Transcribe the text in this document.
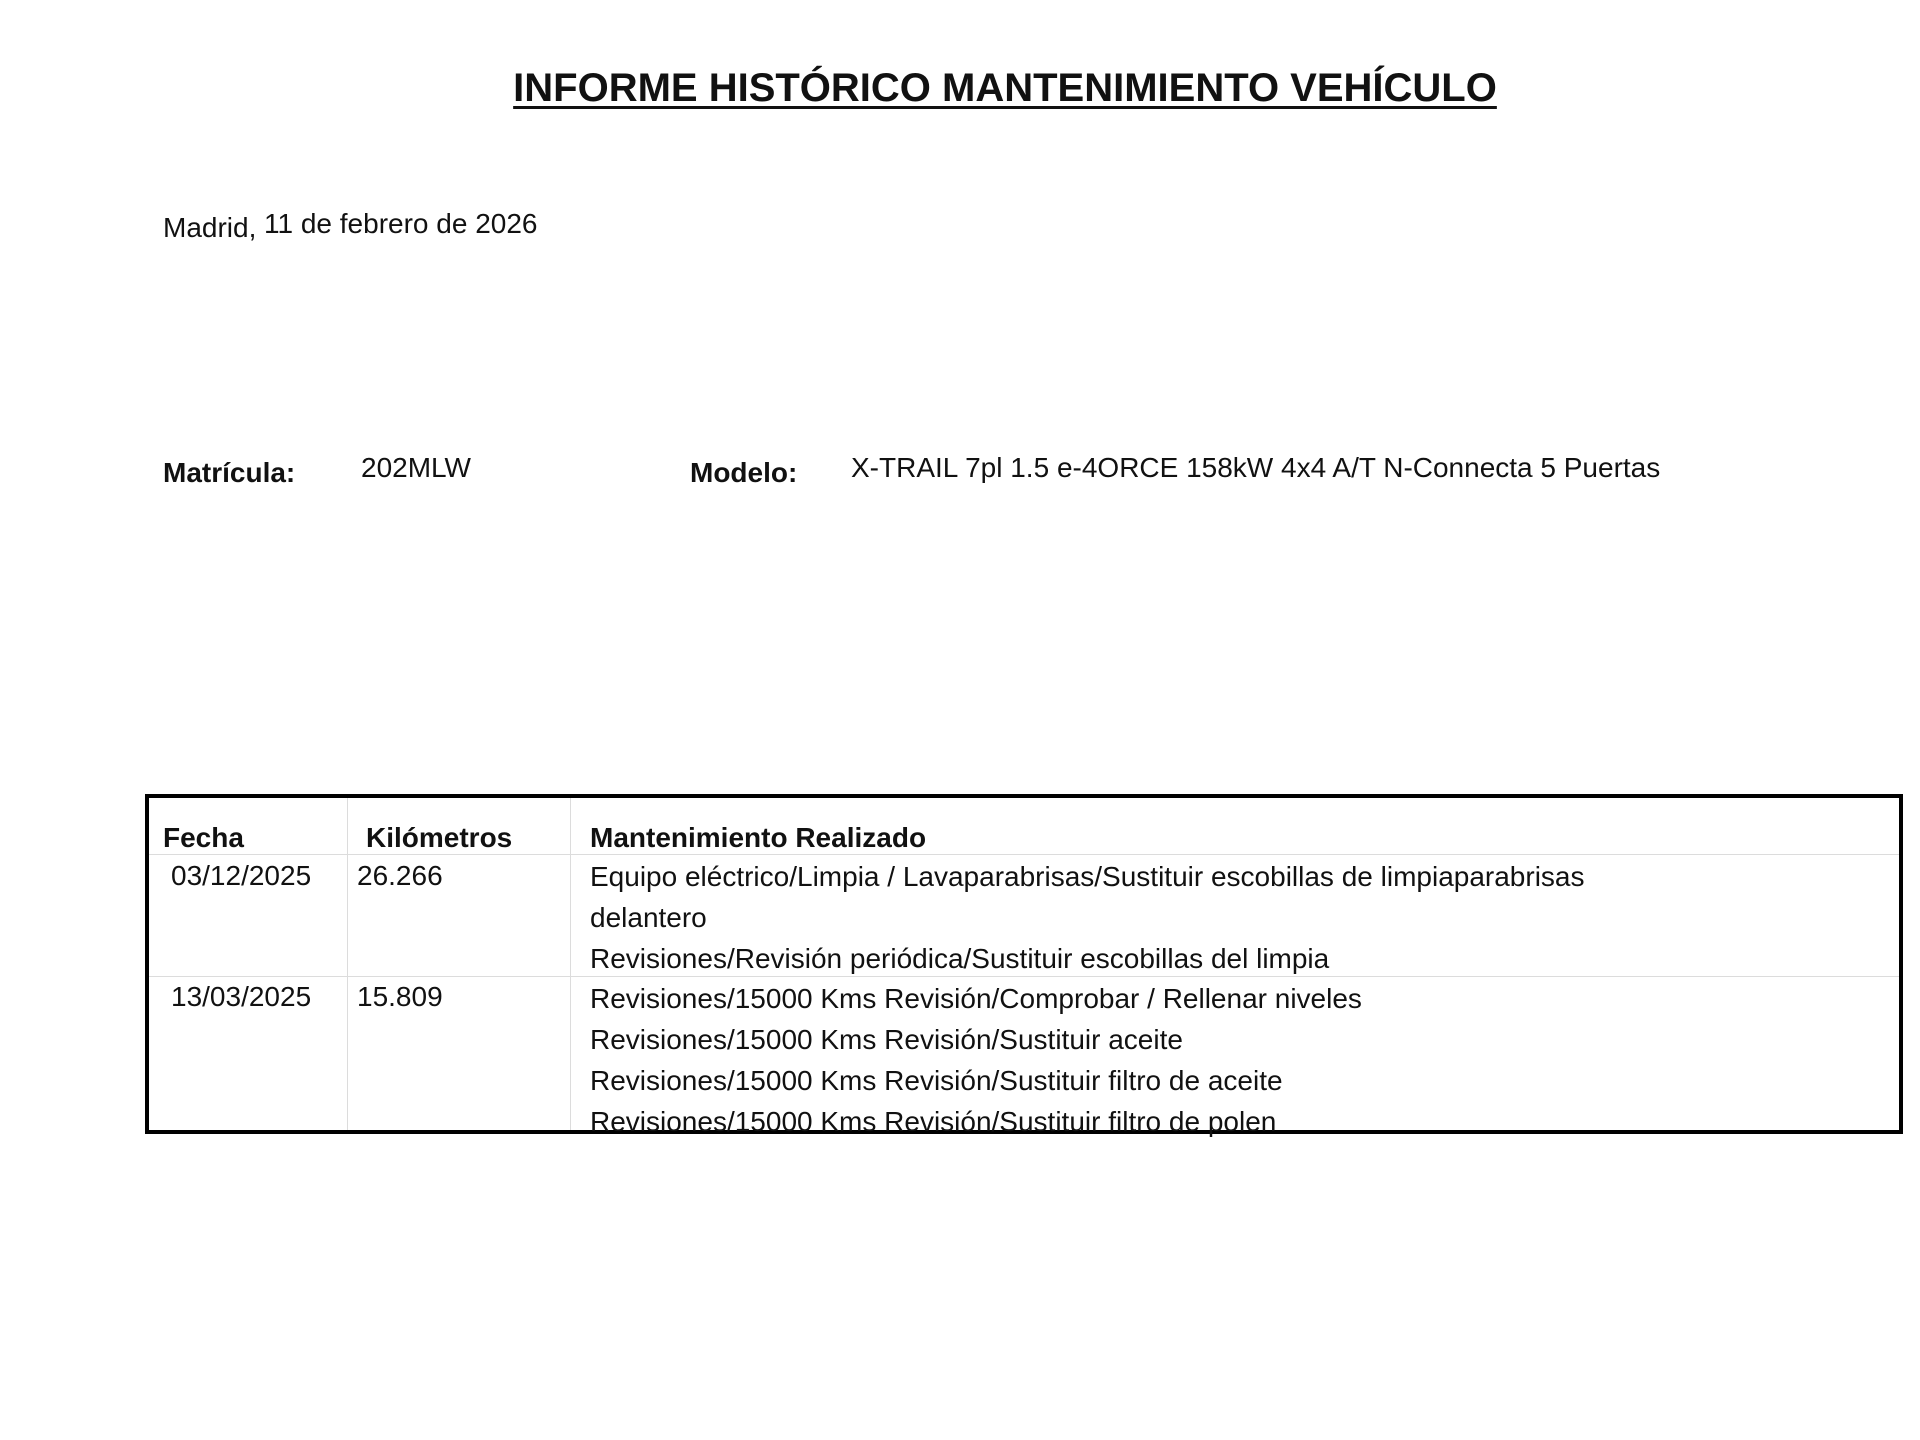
INFORME HISTÓRICO MANTENIMIENTO VEHÍCULO
Madrid, 11 de febrero de 2026
Matrícula: 202MLW	Modelo: X-TRAIL 7pl 1.5 e-4ORCE 158kW 4x4 A/T N-Connecta 5 Puertas
Fecha	Kilómetros	Mantenimiento Realizado
03/12/2025 26.266	Equipo eléctrico/Limpia / Lavaparabrisas/Sustituir escobillas de limpiaparabrisas
delantero
Revisiones/Revisión periódica/Sustituir escobillas del limpia
13/03/2025 15.809	Revisiones/15000 Kms Revisión/Comprobar / Rellenar niveles
Revisiones/15000 Kms Revisión/Sustituir aceite
Revisiones/15000 Kms Revisión/Sustituir filtro de aceite
Revisiones/15000 Kms Revisión/Sustituir filtro de polen
